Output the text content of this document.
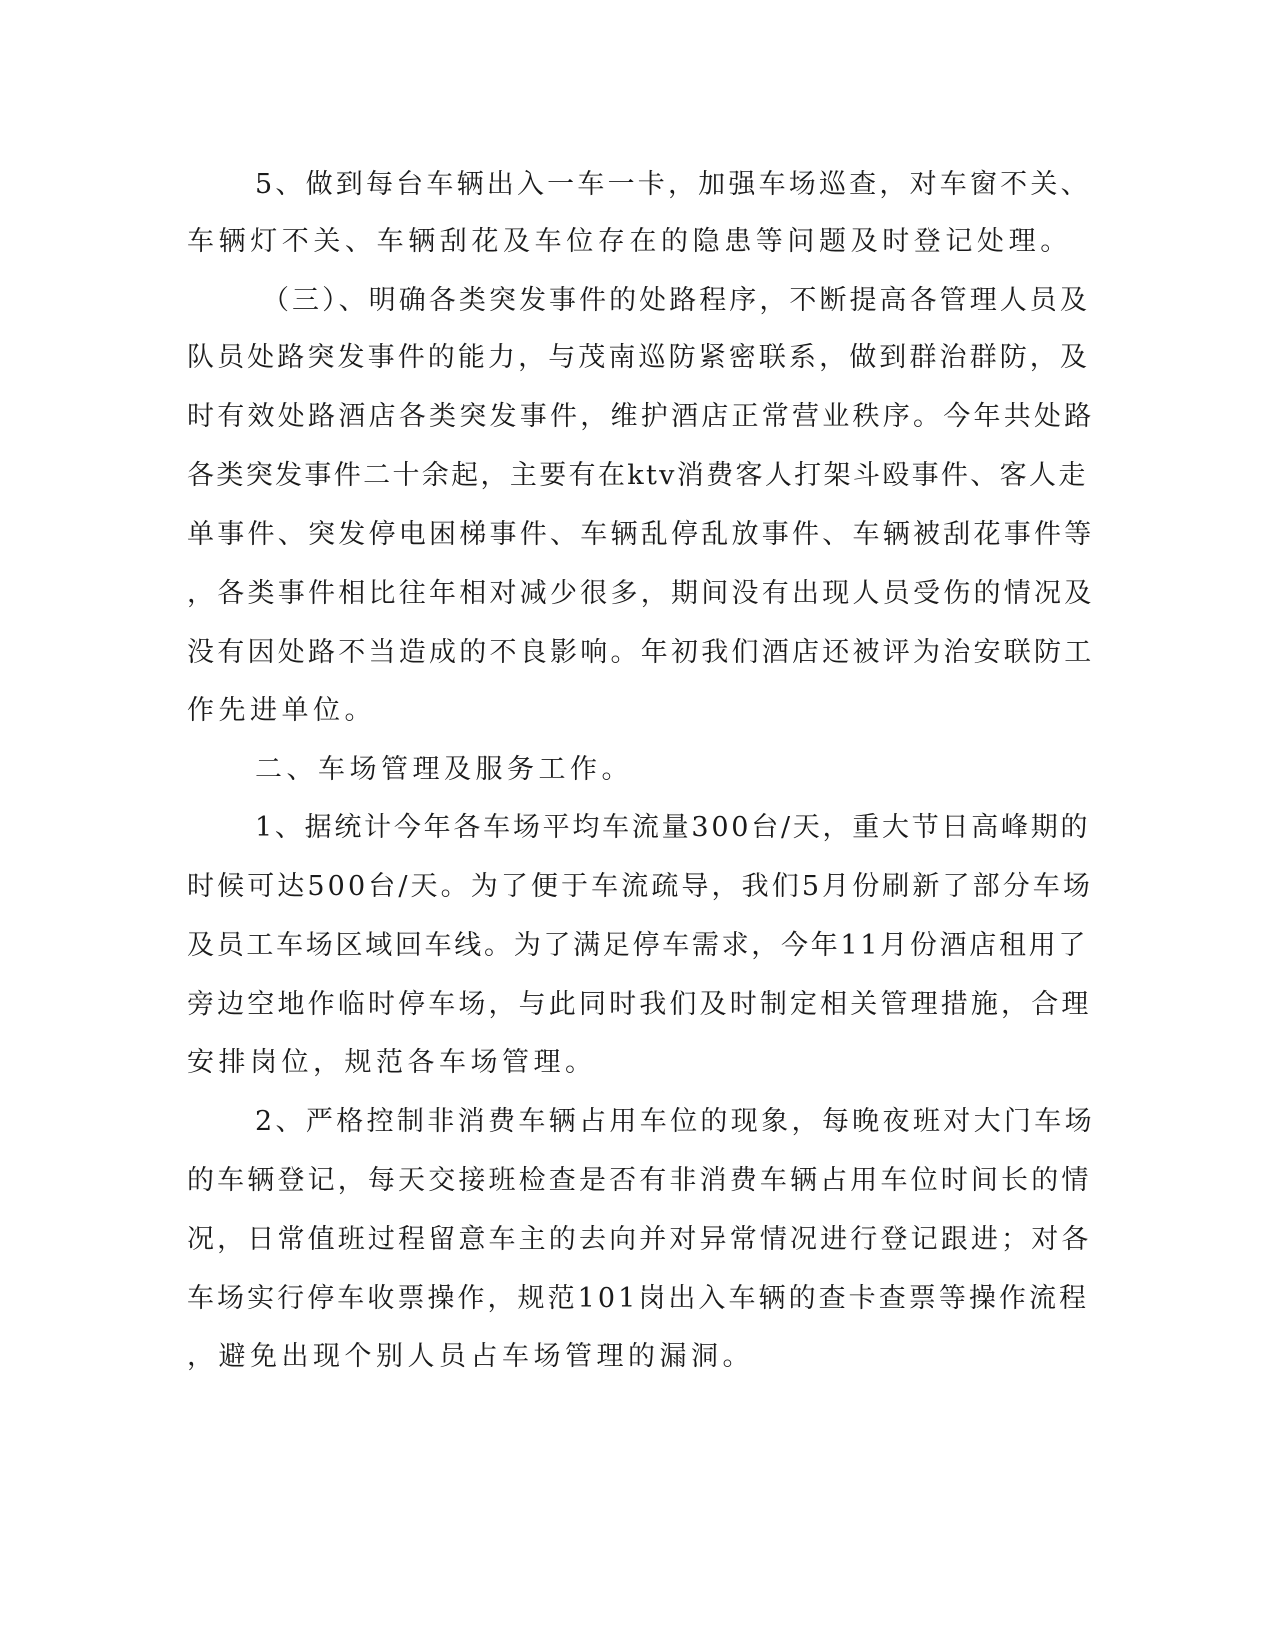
5、做到每台车辆出入一车一卡，加强车场巡查，对车窗不关、
车辆灯不关、车辆刮花及车位存在的隐患等问题及时登记处理。
（三）、明确各类突发事件的处路程序，不断提高各管理人员及
队员处路突发事件的能力，与茂南巡防紧密联系，做到群治群防，及
时有效处路酒店各类突发事件，维护酒店正常营业秩序。今年共处路
各类突发事件二十余起，主要有在ktv消费客人打架斗殴事件、客人走
单事件、突发停电困梯事件、车辆乱停乱放事件、车辆被刮花事件等
，各类事件相比往年相对减少很多，期间没有出现人员受伤的情况及
没有因处路不当造成的不良影响。年初我们酒店还被评为治安联防工
作先进单位。
二、车场管理及服务工作。
1、据统计今年各车场平均车流量300台/天，重大节日高峰期的
时候可达500台/天。为了便于车流疏导，我们5月份刷新了部分车场
及员工车场区域回车线。为了满足停车需求，今年11月份酒店租用了
旁边空地作临时停车场，与此同时我们及时制定相关管理措施，合理
安排岗位，规范各车场管理。
2、严格控制非消费车辆占用车位的现象，每晚夜班对大门车场
的车辆登记，每天交接班检查是否有非消费车辆占用车位时间长的情
况，日常值班过程留意车主的去向并对异常情况进行登记跟进；对各
车场实行停车收票操作，规范101岗出入车辆的查卡查票等操作流程
，避免出现个别人员占车场管理的漏洞。
